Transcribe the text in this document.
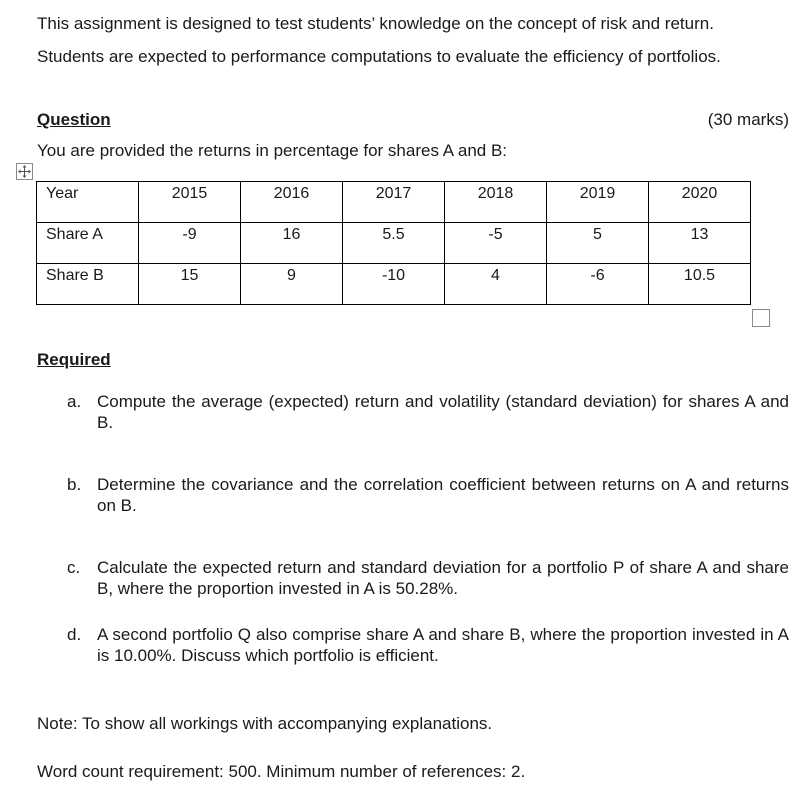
This assignment is designed to test students’ knowledge on the concept of risk and return.
Students are expected to performance computations to evaluate the efficiency of portfolios.
Question	(30 marks)
You are provided the returns in percentage for shares A and B:
Year	2015	2016	2017	2018	2019	2020
Share A	-9	16	5.5	-5	5	13
Share B	15	9	-10	4	-6	10.5
Required
a. Compute the average (expected) return and volatility (standard deviation) for shares A and B.
b. Determine the covariance and the correlation coefficient between returns on A and returns on B.
c. Calculate the expected return and standard deviation for a portfolio P of share A and share B, where the proportion invested in A is 50.28%.
d. A second portfolio Q also comprise share A and share B, where the proportion invested in A is 10.00%. Discuss which portfolio is efficient.
Note: To show all workings with accompanying explanations.
Word count requirement: 500. Minimum number of references: 2.
